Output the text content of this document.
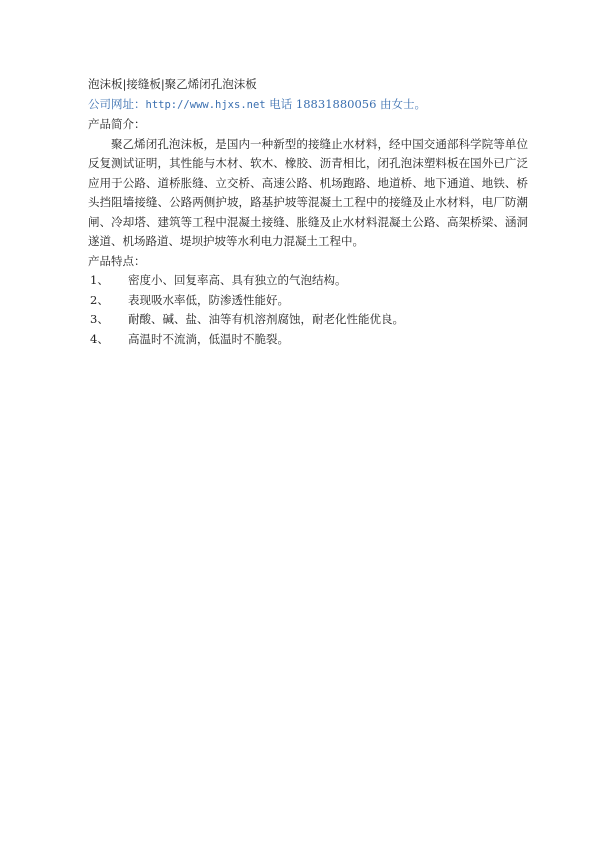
泡沫板|接缝板|聚乙烯闭孔泡沫板

公司网址：http://www.hjxs.net 电话 18831880056 由女士。

产品简介：

聚乙烯闭孔泡沫板，是国内一种新型的接缝止水材料，经中国交通部科学院等单位反复测试证明，其性能与木材、软木、橡胶、沥青相比，闭孔泡沫塑料板在国外已广泛应用于公路、道桥胀缝、立交桥、高速公路、机场跑路、地道桥、地下通道、地铁、桥头挡阻墙接缝、公路两侧护坡，路基护坡等混凝土工程中的接缝及止水材料，电厂防潮闸、冷却塔、建筑等工程中混凝土接缝、胀缝及止水材料混凝土公路、高架桥梁、涵洞遂道、机场路道、堤坝护坡等水利电力混凝土工程中。

产品特点：

1、 密度小、回复率高、具有独立的气泡结构。

2、 表现吸水率低，防渗透性能好。

3、 耐酸、碱、盐、油等有机溶剂腐蚀，耐老化性能优良。

4、 高温时不流淌，低温时不脆裂。
